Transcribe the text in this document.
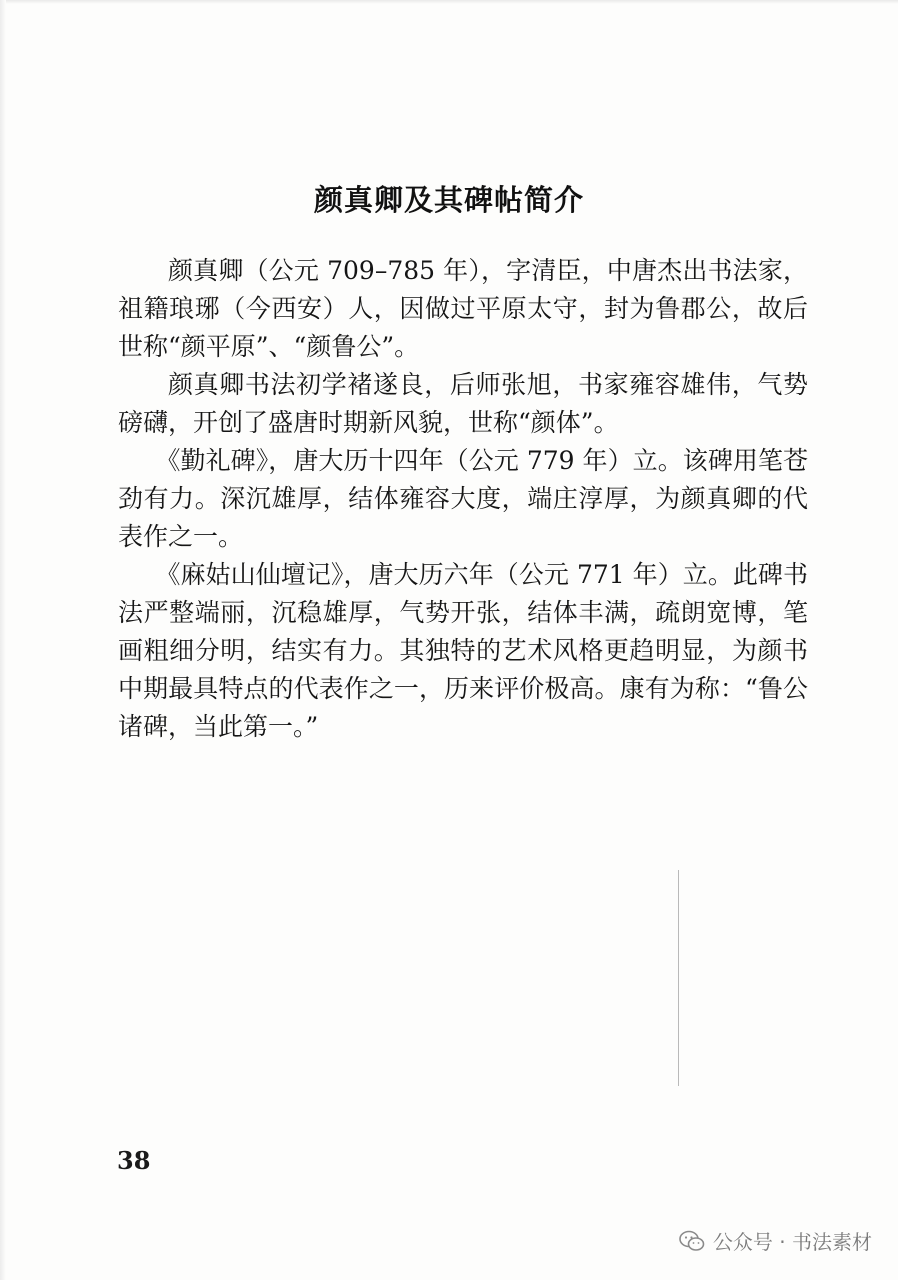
颜真卿及其碑帖简介

颜真卿（公元 709–785 年），字清臣，中唐杰出书法家，祖籍琅琊（今西安）人，因做过平原太守，封为鲁郡公，故后世称“颜平原”、“颜鲁公”。

颜真卿书法初学褚遂良，后师张旭，书家雍容雄伟，气势磅礴，开创了盛唐时期新风貌，世称“颜体”。

《勤礼碑》，唐大历十四年（公元 779 年）立。该碑用笔苍劲有力。深沉雄厚，结体雍容大度，端庄淳厚，为颜真卿的代表作之一。

《麻姑山仙壇记》，唐大历六年（公元 771 年）立。此碑书法严整端丽，沉稳雄厚，气势开张，结体丰满，疏朗宽博，笔画粗细分明，结实有力。其独特的艺术风格更趋明显，为颜书中期最具特点的代表作之一，历来评价极高。康有为称：“鲁公诸碑，当此第一。”

38
公众号 · 书法素材
